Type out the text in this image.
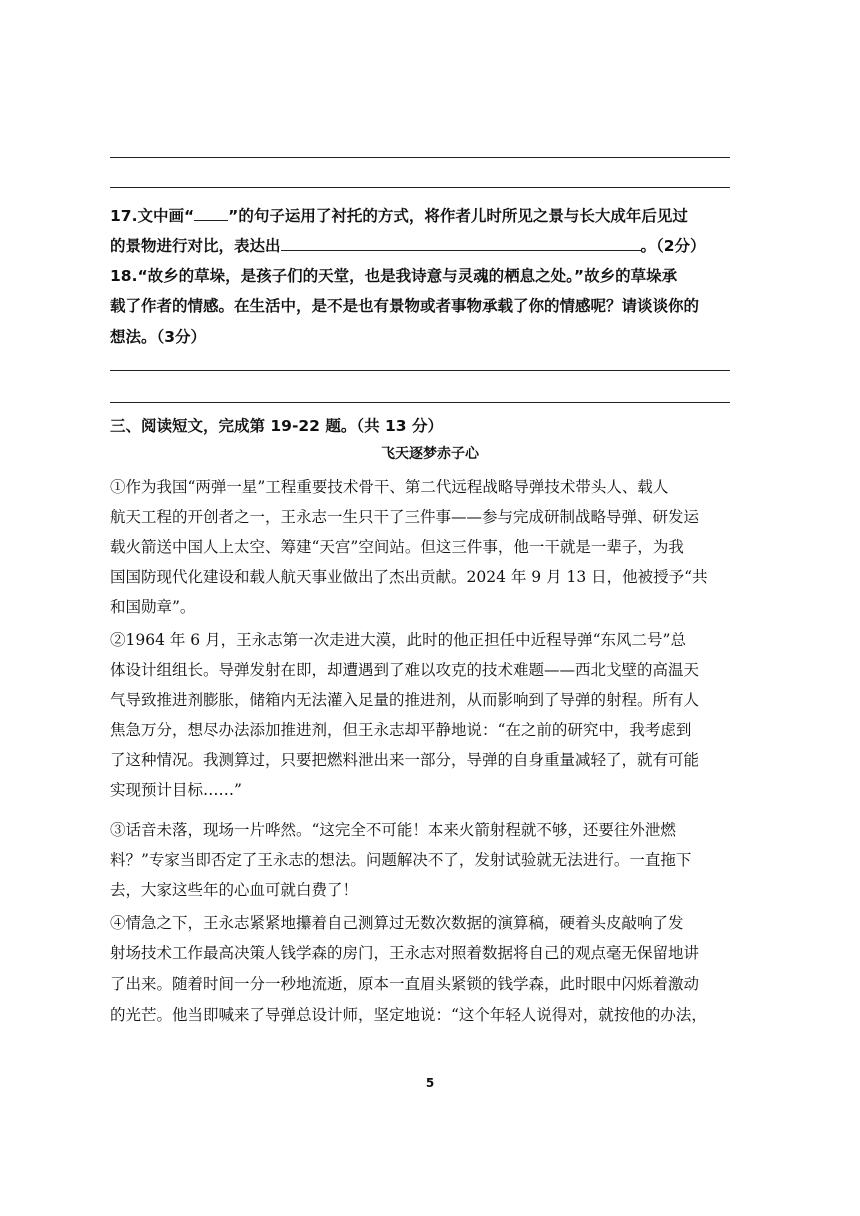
17.文中画“ ”的句子运用了衬托的方式，将作者儿时所见之景与长大成年后见过
的景物进行对比，表达出	。（2分）
18.“故乡的草垛，是孩子们的天堂，也是我诗意与灵魂的栖息之处。”故乡的草垛承
载了作者的情感。在生活中，是不是也有景物或者事物承载了你的情感呢？请谈谈你的
想法。（3分）
三、阅读短文，完成第 19-22 题。（共 13 分）
飞天逐梦赤子心
①作为我国“两弹一星”工程重要技术骨干、第二代远程战略导弹技术带头人、载人
航天工程的开创者之一，王永志一生只干了三件事——参与完成研制战略导弹、研发运
载火箭送中国人上太空、筹建“天宫”空间站。但这三件事，他一干就是一辈子，为我
国国防现代化建设和载人航天事业做出了杰出贡献。2024 年 9 月 13 日，他被授予“共
和国勋章”。
②1964 年 6 月，王永志第一次走进大漠，此时的他正担任中近程导弹“东风二号”总
体设计组组长。导弹发射在即，却遭遇到了难以攻克的技术难题——西北戈壁的高温天
气导致推进剂膨胀，储箱内无法灌入足量的推进剂，从而影响到了导弹的射程。所有人
焦急万分，想尽办法添加推进剂，但王永志却平静地说：“在之前的研究中，我考虑到
了这种情况。我测算过，只要把燃料泄出来一部分，导弹的自身重量减轻了，就有可能
实现预计目标……”
③话音未落，现场一片哗然。“这完全不可能！本来火箭射程就不够，还要往外泄燃
料？”专家当即否定了王永志的想法。问题解决不了，发射试验就无法进行。一直拖下
去，大家这些年的心血可就白费了！
④情急之下，王永志紧紧地攥着自己测算过无数次数据的演算稿，硬着头皮敲响了发
射场技术工作最高决策人钱学森的房门，王永志对照着数据将自己的观点毫无保留地讲
了出来。随着时间一分一秒地流逝，原本一直眉头紧锁的钱学森，此时眼中闪烁着激动
的光芒。他当即喊来了导弹总设计师，坚定地说：“这个年轻人说得对，就按他的办法，
5
